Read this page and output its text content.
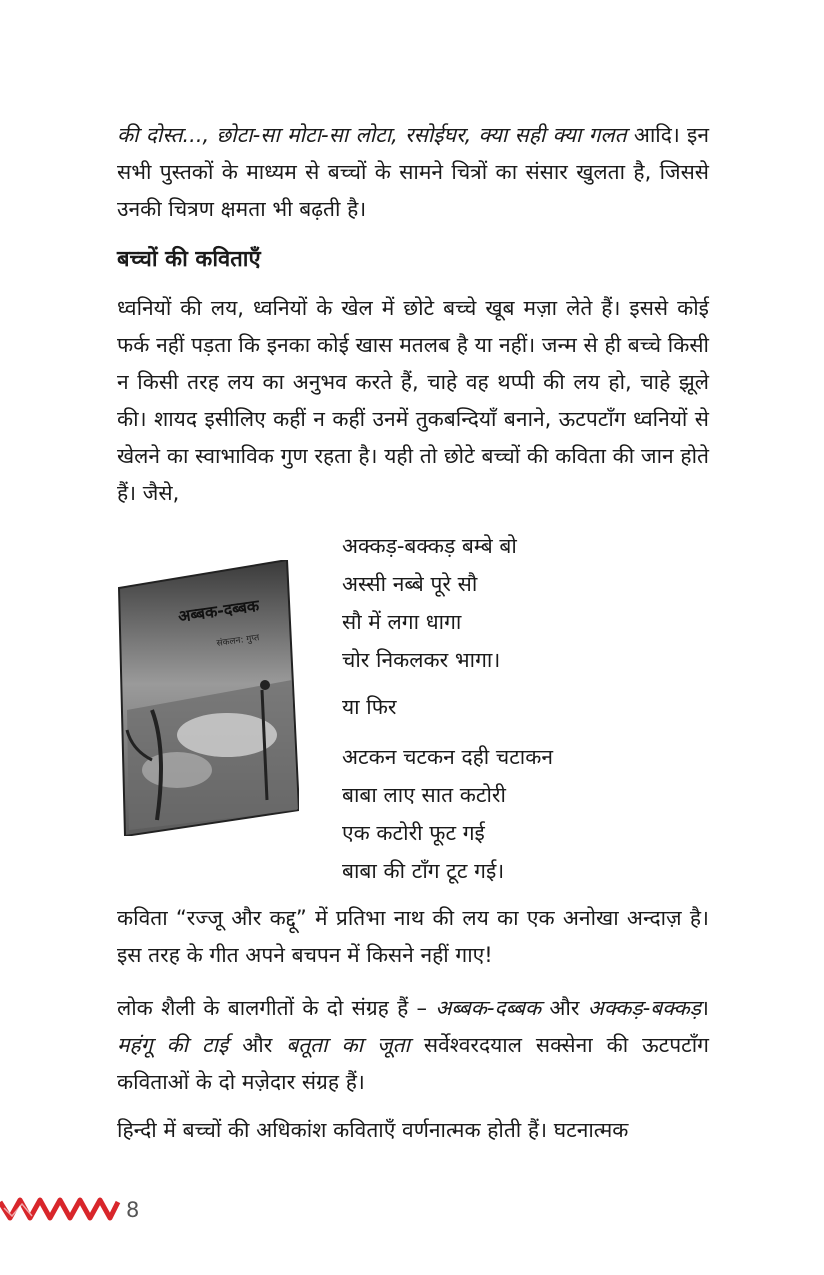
की दोस्त..., छोटा-सा मोटा-सा लोटा, रसोईघर, क्या सही क्या गलत आदि। इन सभी पुस्तकों के माध्यम से बच्चों के सामने चित्रों का संसार खुलता है, जिससे उनकी चित्रण क्षमता भी बढ़ती है।
बच्चों की कविताएँ
ध्वनियों की लय, ध्वनियों के खेल में छोटे बच्चे खूब मज़ा लेते हैं। इससे कोई फर्क नहीं पड़ता कि इनका कोई खास मतलब है या नहीं। जन्म से ही बच्चे किसी न किसी तरह लय का अनुभव करते हैं, चाहे वह थप्पी की लय हो, चाहे झूले की। शायद इसीलिए कहीं न कहीं उनमें तुकबन्दियाँ बनाने, ऊटपटाँग ध्वनियों से खेलने का स्वाभाविक गुण रहता है। यही तो छोटे बच्चों की कविता की जान होते हैं। जैसे,
अब्बक-दब्बक
संकलन: गुप्त
अक्कड़-बक्कड़ बम्बे बो
अस्सी नब्बे पूरे सौ
सौ में लगा धागा
चोर निकलकर भागा।
या फिर
अटकन चटकन दही चटाकन
बाबा लाए सात कटोरी
एक कटोरी फूट गई
बाबा की टाँग टूट गई।
कविता “रज्जू और कद्दू” में प्रतिभा नाथ की लय का एक अनोखा अन्दाज़ है। इस तरह के गीत अपने बचपन में किसने नहीं गाए!
लोक शैली के बालगीतों के दो संग्रह हैं – अब्बक-दब्बक और अक्कड़-बक्कड़। महंगू की टाई और बतूता का जूता सर्वेश्वरदयाल सक्सेना की ऊटपटाँग कविताओं के दो मज़ेदार संग्रह हैं।
हिन्दी में बच्चों की अधिकांश कविताएँ वर्णनात्मक होती हैं। घटनात्मक
8
